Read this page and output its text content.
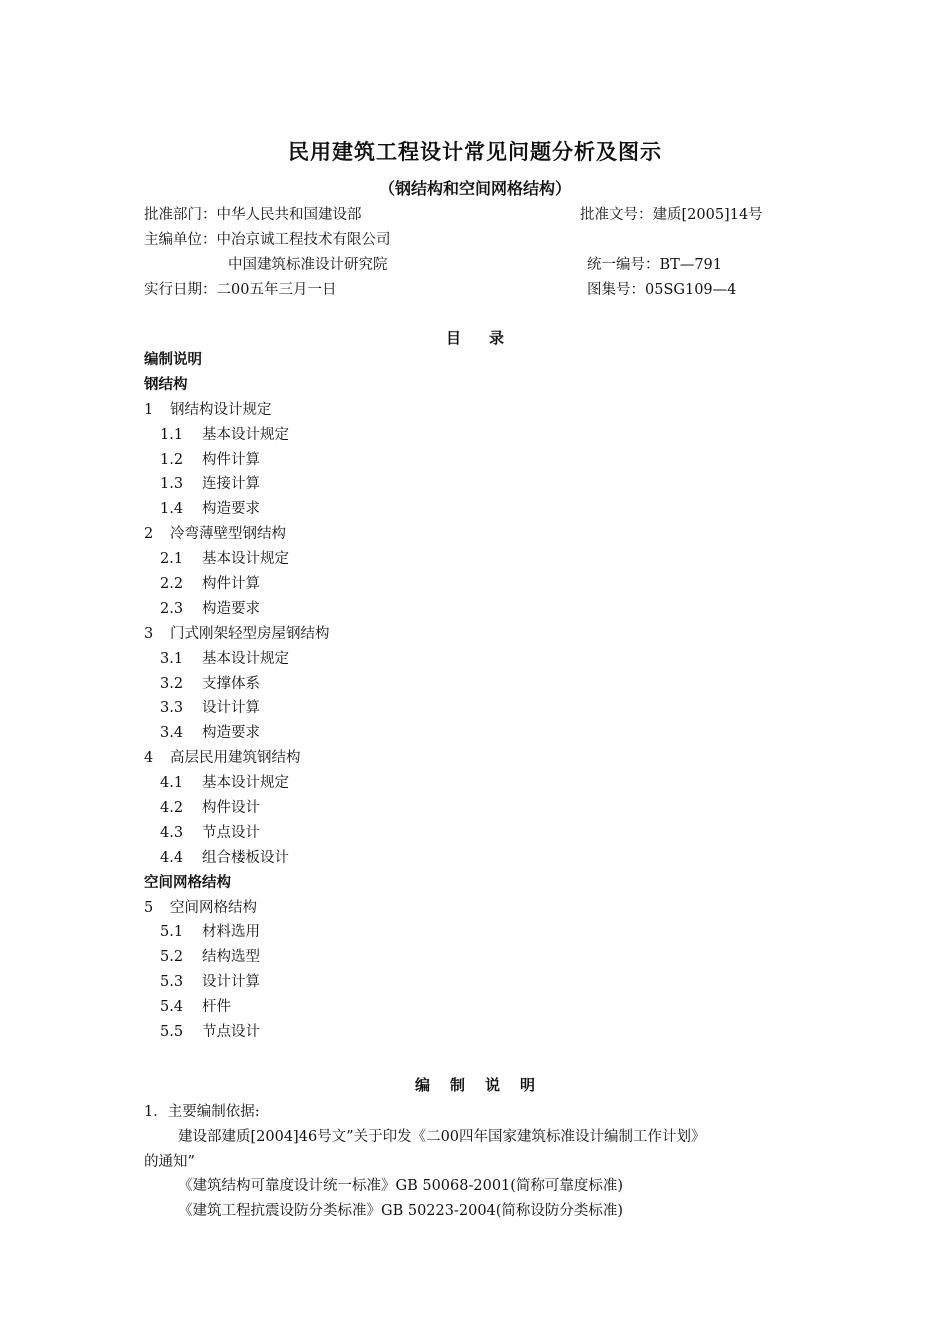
民用建筑工程设计常见问题分析及图示
（钢结构和空间网格结构）
批准部门：中华人民共和国建设部	批准文号：建质[2005]14号
主编单位：中冶京诚工程技术有限公司
中国建筑标准设计研究院	统一编号：BT—791
实行日期：二00五年三月一日	图集号：05SG109—4
目 录
编制说明
钢结构
1 钢结构设计规定
1.1 基本设计规定
1.2 构件计算
1.3 连接计算
1.4 构造要求
2 冷弯薄壁型钢结构
2.1 基本设计规定
2.2 构件计算
2.3 构造要求
3 门式刚架轻型房屋钢结构
3.1 基本设计规定
3.2 支撑体系
3.3 设计计算
3.4 构造要求
4 高层民用建筑钢结构
4.1 基本设计规定
4.2 构件设计
4.3 节点设计
4.4 组合楼板设计
空间网格结构
5 空间网格结构
5.1 材料选用
5.2 结构选型
5.3 设计计算
5.4 杆件
5.5 节点设计
编 制 说 明
1．主要编制依据:
建设部建质[2004]46号文”关于印发《二00四年国家建筑标准设计编制工作计划》
的通知”
《建筑结构可靠度设计统一标准》GB 50068-2001(简称可靠度标准)
《建筑工程抗震设防分类标准》GB 50223-2004(简称设防分类标准)
